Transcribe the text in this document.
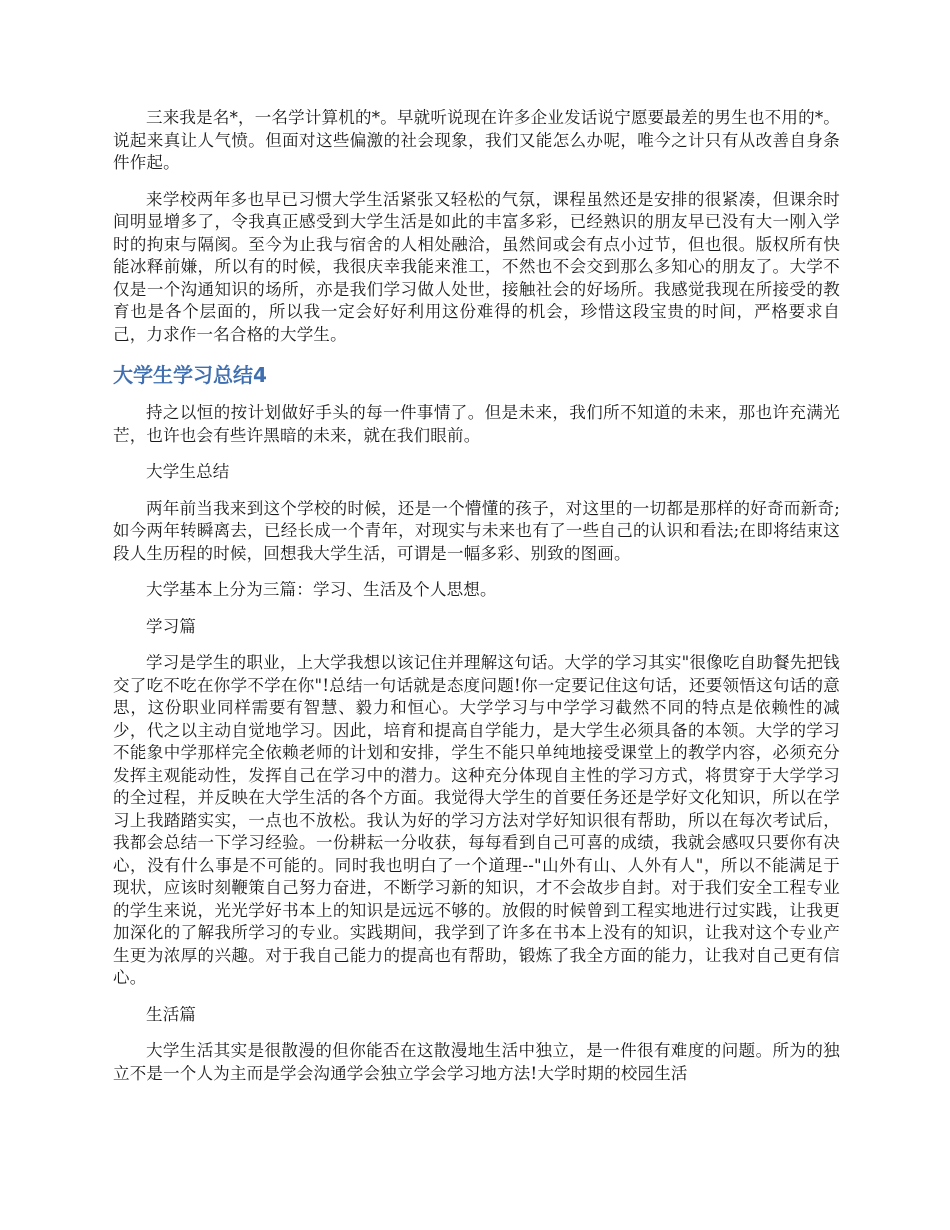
三来我是名*，一名学计算机的*。早就听说现在许多企业发话说宁愿要最差的男生也不用的*。说起来真让人气愤。但面对这些偏激的社会现象，我们又能怎么办呢，唯今之计只有从改善自身条件作起。

来学校两年多也早已习惯大学生活紧张又轻松的气氛，课程虽然还是安排的很紧凑，但课余时间明显增多了，令我真正感受到大学生活是如此的丰富多彩，已经熟识的朋友早已没有大一刚入学时的拘束与隔阂。至今为止我与宿舍的人相处融洽，虽然间或会有点小过节，但也很。版权所有快能冰释前嫌，所以有的时候，我很庆幸我能来淮工，不然也不会交到那么多知心的朋友了。大学不仅是一个沟通知识的场所，亦是我们学习做人处世，接触社会的好场所。我感觉我现在所接受的教育也是各个层面的，所以我一定会好好利用这份难得的机会，珍惜这段宝贵的时间，严格要求自己，力求作一名合格的大学生。

大学生学习总结4

持之以恒的按计划做好手头的每一件事情了。但是未来，我们所不知道的未来，那也许充满光芒，也许也会有些许黑暗的未来，就在我们眼前。

大学生总结

两年前当我来到这个学校的时候，还是一个懵懂的孩子，对这里的一切都是那样的好奇而新奇;如今两年转瞬离去，已经长成一个青年，对现实与未来也有了一些自己的认识和看法;在即将结束这段人生历程的时候，回想我大学生活，可谓是一幅多彩、别致的图画。

大学基本上分为三篇：学习、生活及个人思想。

学习篇

学习是学生的职业，上大学我想以该记住并理解这句话。大学的学习其实"很像吃自助餐先把钱交了吃不吃在你学不学在你"!总结一句话就是态度问题!你一定要记住这句话，还要领悟这句话的意思，这份职业同样需要有智慧、毅力和恒心。大学学习与中学学习截然不同的特点是依赖性的减少，代之以主动自觉地学习。因此，培育和提高自学能力，是大学生必须具备的本领。大学的学习不能象中学那样完全依赖老师的计划和安排，学生不能只单纯地接受课堂上的教学内容，必须充分发挥主观能动性，发挥自己在学习中的潜力。这种充分体现自主性的学习方式，将贯穿于大学学习的全过程，并反映在大学生活的各个方面。我觉得大学生的首要任务还是学好文化知识，所以在学习上我踏踏实实，一点也不放松。我认为好的学习方法对学好知识很有帮助，所以在每次考试后，我都会总结一下学习经验。一份耕耘一分收获，每每看到自己可喜的成绩，我就会感叹只要你有决心，没有什么事是不可能的。同时我也明白了一个道理--"山外有山、人外有人"，所以不能满足于现状，应该时刻鞭策自己努力奋进，不断学习新的知识，才不会故步自封。对于我们安全工程专业的学生来说，光光学好书本上的知识是远远不够的。放假的时候曾到工程实地进行过实践，让我更加深化的了解我所学习的专业。实践期间，我学到了许多在书本上没有的知识，让我对这个专业产生更为浓厚的兴趣。对于我自己能力的提高也有帮助，锻炼了我全方面的能力，让我对自己更有信心。

生活篇

大学生活其实是很散漫的但你能否在这散漫地生活中独立，是一件很有难度的问题。所为的独立不是一个人为主而是学会沟通学会独立学会学习地方法!大学时期的校园生活
